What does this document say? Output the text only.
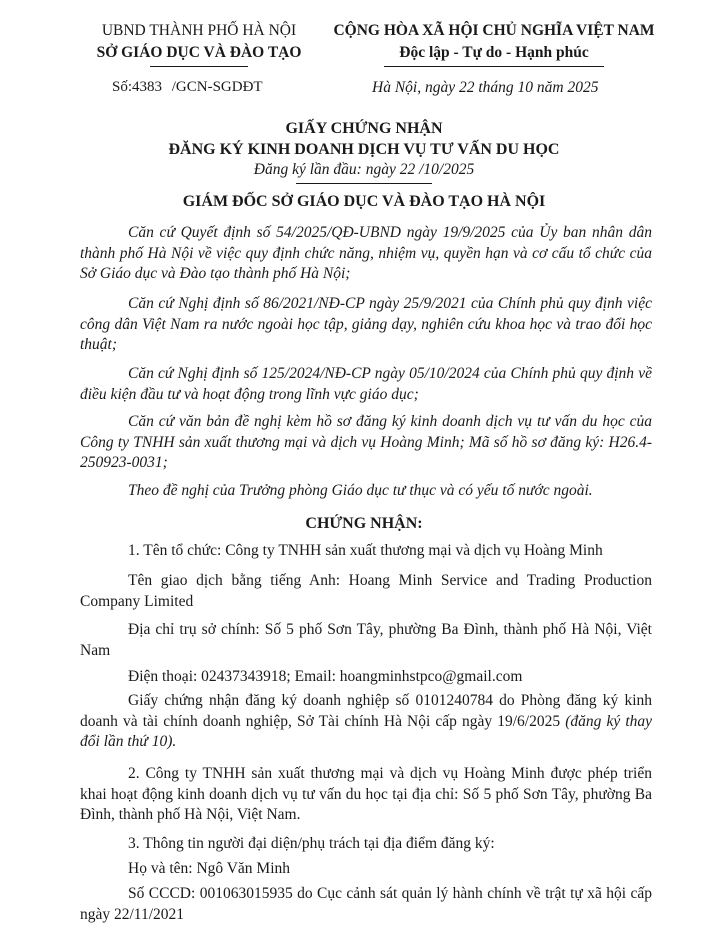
UBND THÀNH PHỐ HÀ NỘI
SỞ GIÁO DỤC VÀ ĐÀO TẠO
Số:4383 /GCN-SGDĐT
CỘNG HÒA XÃ HỘI CHỦ NGHĨA VIỆT NAM
Độc lập - Tự do - Hạnh phúc
Hà Nội, ngày 22 tháng 10 năm 2025
GIẤY CHỨNG NHẬN
ĐĂNG KÝ KINH DOANH DỊCH VỤ TƯ VẤN DU HỌC
Đăng ký lần đầu: ngày 22 /10/2025
GIÁM ĐỐC SỞ GIÁO DỤC VÀ ĐÀO TẠO HÀ NỘI
Căn cứ Quyết định số 54/2025/QĐ-UBND ngày 19/9/2025 của Ủy ban nhân dân thành phố Hà Nội về việc quy định chức năng, nhiệm vụ, quyền hạn và cơ cấu tổ chức của Sở Giáo dục và Đào tạo thành phố Hà Nội;
Căn cứ Nghị định số 86/2021/NĐ-CP ngày 25/9/2021 của Chính phủ quy định việc công dân Việt Nam ra nước ngoài học tập, giảng dạy, nghiên cứu khoa học và trao đổi học thuật;
Căn cứ Nghị định số 125/2024/NĐ-CP ngày 05/10/2024 của Chính phủ quy định về điều kiện đầu tư và hoạt động trong lĩnh vực giáo dục;
Căn cứ văn bản đề nghị kèm hồ sơ đăng ký kinh doanh dịch vụ tư vấn du học của Công ty TNHH sản xuất thương mại và dịch vụ Hoàng Minh; Mã số hồ sơ đăng ký: H26.4-250923-0031;
Theo đề nghị của Trưởng phòng Giáo dục tư thục và có yếu tố nước ngoài.
CHỨNG NHẬN:
1. Tên tổ chức: Công ty TNHH sản xuất thương mại và dịch vụ Hoàng Minh
Tên giao dịch bằng tiếng Anh: Hoang Minh Service and Trading Production Company Limited
Địa chỉ trụ sở chính: Số 5 phố Sơn Tây, phường Ba Đình, thành phố Hà Nội, Việt Nam
Điện thoại: 02437343918; Email: hoangminhstpco@gmail.com
Giấy chứng nhận đăng ký doanh nghiệp số 0101240784 do Phòng đăng ký kinh doanh và tài chính doanh nghiệp, Sở Tài chính Hà Nội cấp ngày 19/6/2025 (đăng ký thay đổi lần thứ 10).
2. Công ty TNHH sản xuất thương mại và dịch vụ Hoàng Minh được phép triển khai hoạt động kinh doanh dịch vụ tư vấn du học tại địa chỉ: Số 5 phố Sơn Tây, phường Ba Đình, thành phố Hà Nội, Việt Nam.
3. Thông tin người đại diện/phụ trách tại địa điểm đăng ký:
Họ và tên: Ngô Văn Minh
Số CCCD: 001063015935 do Cục cảnh sát quản lý hành chính về trật tự xã hội cấp ngày 22/11/2021
